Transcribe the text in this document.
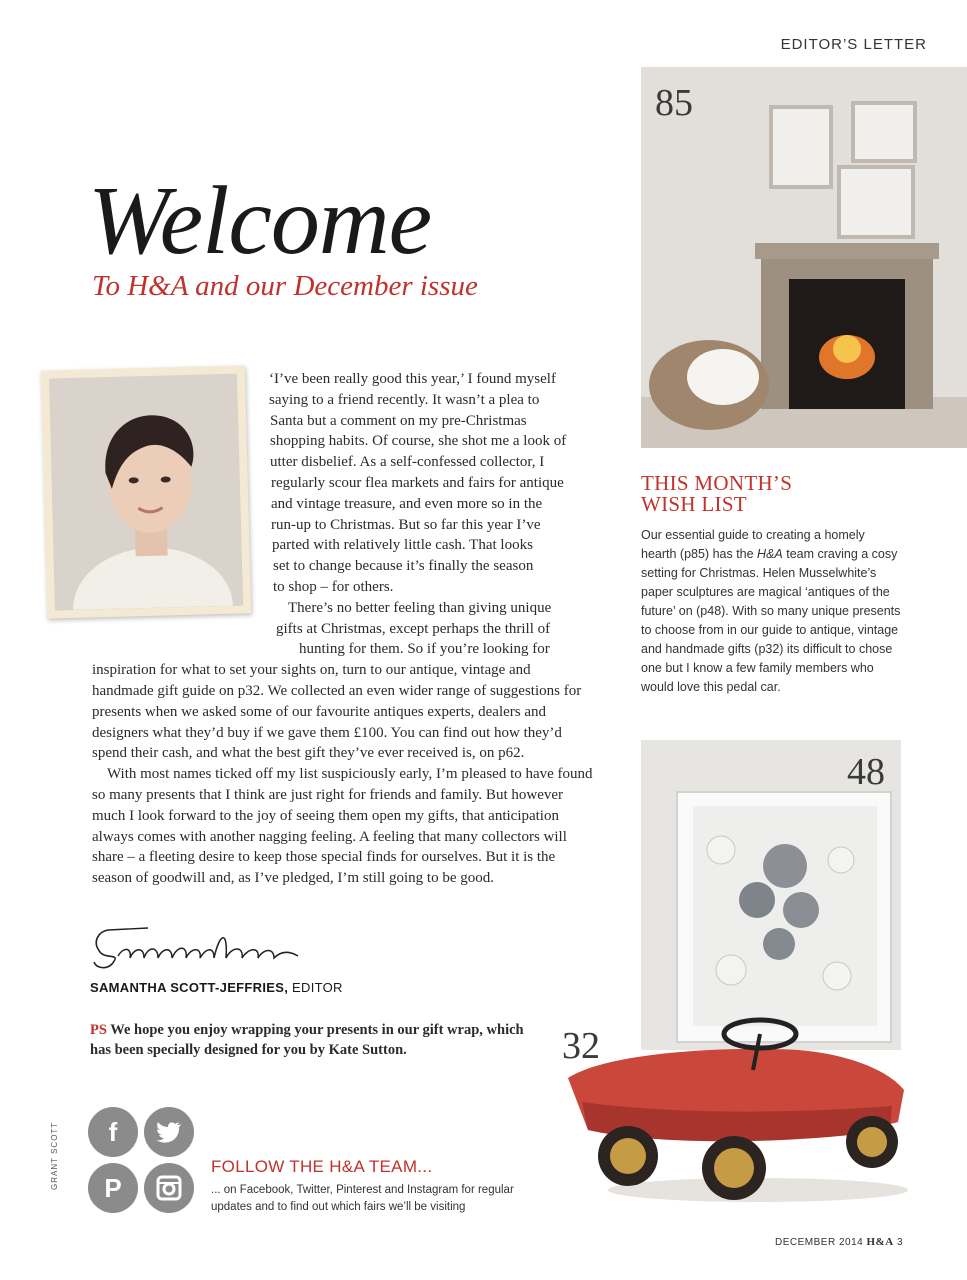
EDITOR’S LETTER
Welcome
To H&A and our December issue
‘I’ve been really good this year,’ I found myself
saying to a friend recently. It wasn’t a plea to
Santa but a comment on my pre-Christmas
shopping habits. Of course, she shot me a look of
utter disbelief. As a self-confessed collector, I
regularly scour flea markets and fairs for antique
and vintage treasure, and even more so in the
run-up to Christmas. But so far this year I’ve
parted with relatively little cash. That looks
set to change because it’s finally the season
to shop – for others.
There’s no better feeling than giving unique
gifts at Christmas, except perhaps the thrill of
hunting for them. So if you’re looking for

inspiration for what to set your sights on, turn to our antique, vintage and handmade gift guide on p32. We collected an even wider range of suggestions for presents when we asked some of our favourite antiques experts, dealers and designers what they’d buy if we gave them £100. You can find out how they’d spend their cash, and what the best gift they’ve ever received is, on p62.

With most names ticked off my list suspiciously early, I’m pleased to have found so many presents that I think are just right for friends and family. But however much I look forward to the joy of seeing them open my gifts, that anticipation always comes with another nagging feeling. A feeling that many collectors will share – a fleeting desire to keep those special finds for ourselves. But it is the season of goodwill and, as I’ve pledged, I’m still going to be good.

SAMANTHA SCOTT-JEFFRIES, EDITOR
PS We hope you enjoy wrapping your presents in our gift wrap, which has been specially designed for you by Kate Sutton.
f
P
GRANT SCOTT	FOLLOW THE H&A TEAM...
... on Facebook, Twitter, Pinterest and Instagram for regular updates and to find out which fairs we’ll be visiting
85
THIS MONTH’S
WISH LIST
Our essential guide to creating a homely hearth (p85) has the H&A team craving a cosy setting for Christmas. Helen Musselwhite’s paper sculptures are magical ‘antiques of the future’ on (p48). With so many unique presents to choose from in our guide to antique, vintage and handmade gifts (p32) its difficult to chose one but I know a few family members who would love this pedal car.
48
32
DECEMBER 2014 H&A 3
